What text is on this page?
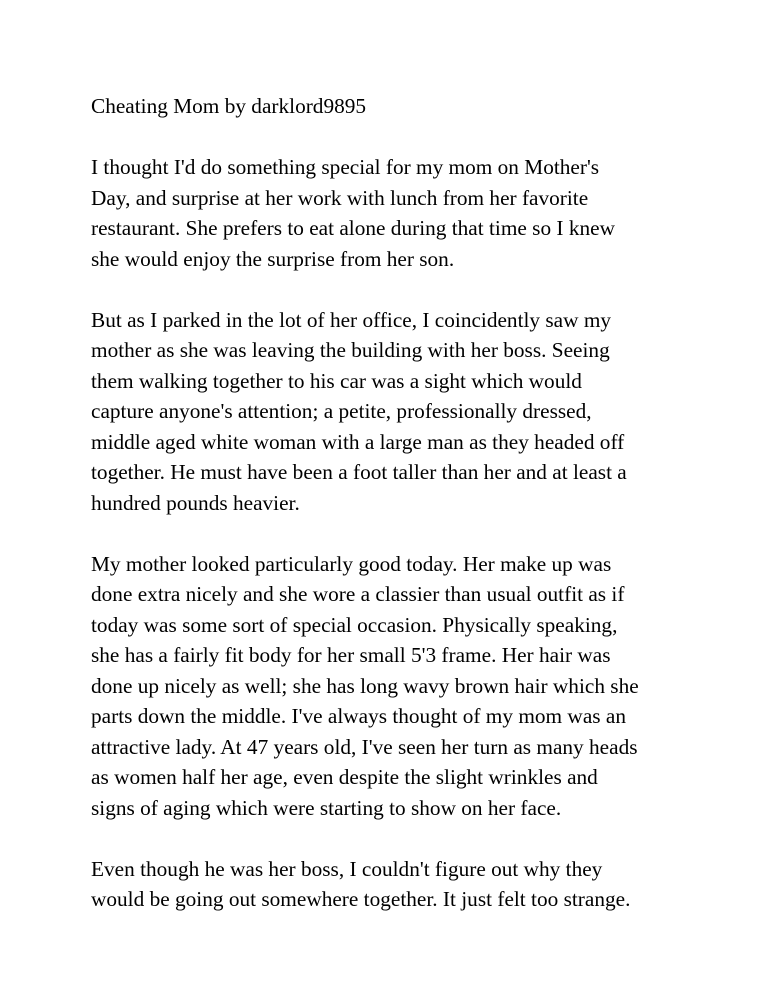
Cheating Mom by darklord9895

I thought I'd do something special for my mom on Mother's
Day, and surprise at her work with lunch from her favorite
restaurant. She prefers to eat alone during that time so I knew
she would enjoy the surprise from her son.

But as I parked in the lot of her office, I coincidently saw my
mother as she was leaving the building with her boss. Seeing
them walking together to his car was a sight which would
capture anyone's attention; a petite, professionally dressed,
middle aged white woman with a large man as they headed off
together. He must have been a foot taller than her and at least a
hundred pounds heavier.

My mother looked particularly good today. Her make up was
done extra nicely and she wore a classier than usual outfit as if
today was some sort of special occasion. Physically speaking,
she has a fairly fit body for her small 5'3 frame. Her hair was
done up nicely as well; she has long wavy brown hair which she
parts down the middle. I've always thought of my mom was an
attractive lady. At 47 years old, I've seen her turn as many heads
as women half her age, even despite the slight wrinkles and
signs of aging which were starting to show on her face.

Even though he was her boss, I couldn't figure out why they
would be going out somewhere together. It just felt too strange.
